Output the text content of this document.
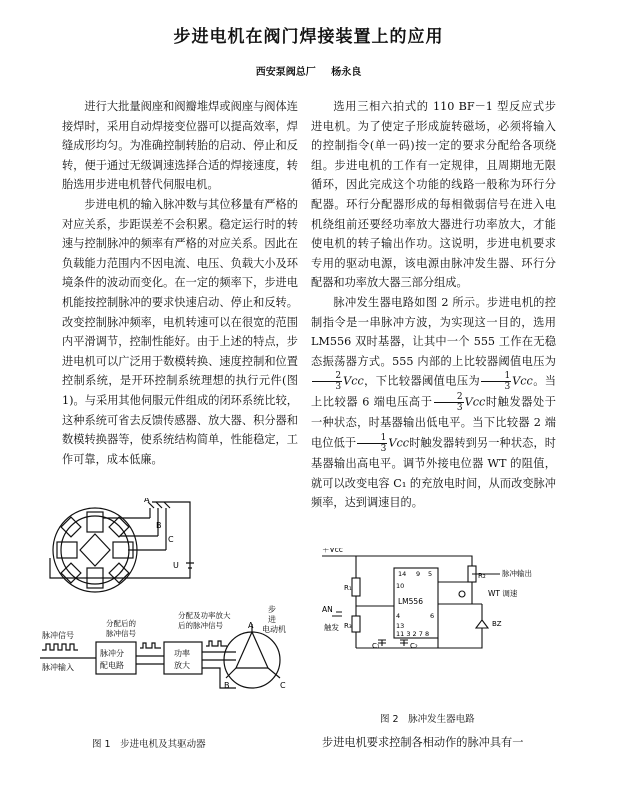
步进电机在阀门焊接装置上的应用
西安泵阀总厂 杨永良

进行大批量阀座和阀瓣堆焊或阀座与阀体连接焊时，采用自动焊接变位器可以提高效率，焊缝成形均匀。为准确控制转胎的启动、停止和反转，便于通过无级调速选择合适的焊接速度，转胎选用步进电机替代伺服电机。

步进电机的输入脉冲数与其位移量有严格的对应关系，步距误差不会积累。稳定运行时的转速与控制脉冲的频率有严格的对应关系。因此在负载能力范围内不因电流、电压、负载大小及环境条件的波动而变化。在一定的频率下，步进电机能按控制脉冲的要求快速启动、停止和反转。改变控制脉冲频率，电机转速可以在很宽的范围内平滑调节，控制性能好。由于上述的特点，步进电机可以广泛用于数模转换、速度控制和位置控制系统，是开环控制系统理想的执行元件(图1)。与采用其他伺服元件组成的闭环系统比较，这种系统可省去反馈传感器、放大器、积分器和数模转换器等，使系统结构简单，性能稳定，工作可靠，成本低廉。

选用三相六拍式的 110 BF－1 型反应式步进电机。为了使定子形成旋转磁场，必须将输入的控制指令(单一码)按一定的要求分配给各项绕组。步进电机的工作有一定规律，且周期地无限循环，因此完成这个功能的线路一般称为环行分配器。环行分配器形成的每相微弱信号在进入电机绕组前还要经功率放大器进行功率放大，才能使电机的转子输出作功。这说明，步进电机要求专用的驱动电源，该电源由脉冲发生器、环行分配器和功率放大器三部分组成。

脉冲发生器电路如图 2 所示。步进电机的控制指令是一串脉冲方波，为实现这一目的，选用 LM556 双时基器，让其中一个 555 工作在无稳态振荡器方式。555 内部的上比较器阈值电压为
$\frac{2}{3}$ Vcc，下比较器阈值电压为 $\frac{1}{3}$ Vcc。当上比较器 6 端电压高于 $\frac{2}{3}$ Vcc时触发器处于一种状态，时基器输出低电平。当下比较器 2 端电位低于 $\frac{1}{3}$ Vcc时触发器转到另一种状态，时基器输出高电平。调节外接电位器 WT 的阻值，就可以改变电容 C₁ 的充放电时间，从而改变脉冲频率，达到调速目的。

A
B
C
U
脉冲信号
脉冲输入
分配后的
脉冲信号
分配及功率放大
后的脉冲信号
脉冲分
配电路
功率
放大
步
进
电动机
A
B	C
图 1　步进电机及其驱动器
＋Vcc
LM556
脉冲输出
WT 调速
R₁
R₂
R₃
C₁	C₂
BZ
AN
触发
14 9 5
10
4	6
13
11 3 2 7 8
图 2　脉冲发生器电路
步进电机要求控制各相动作的脉冲具有一
